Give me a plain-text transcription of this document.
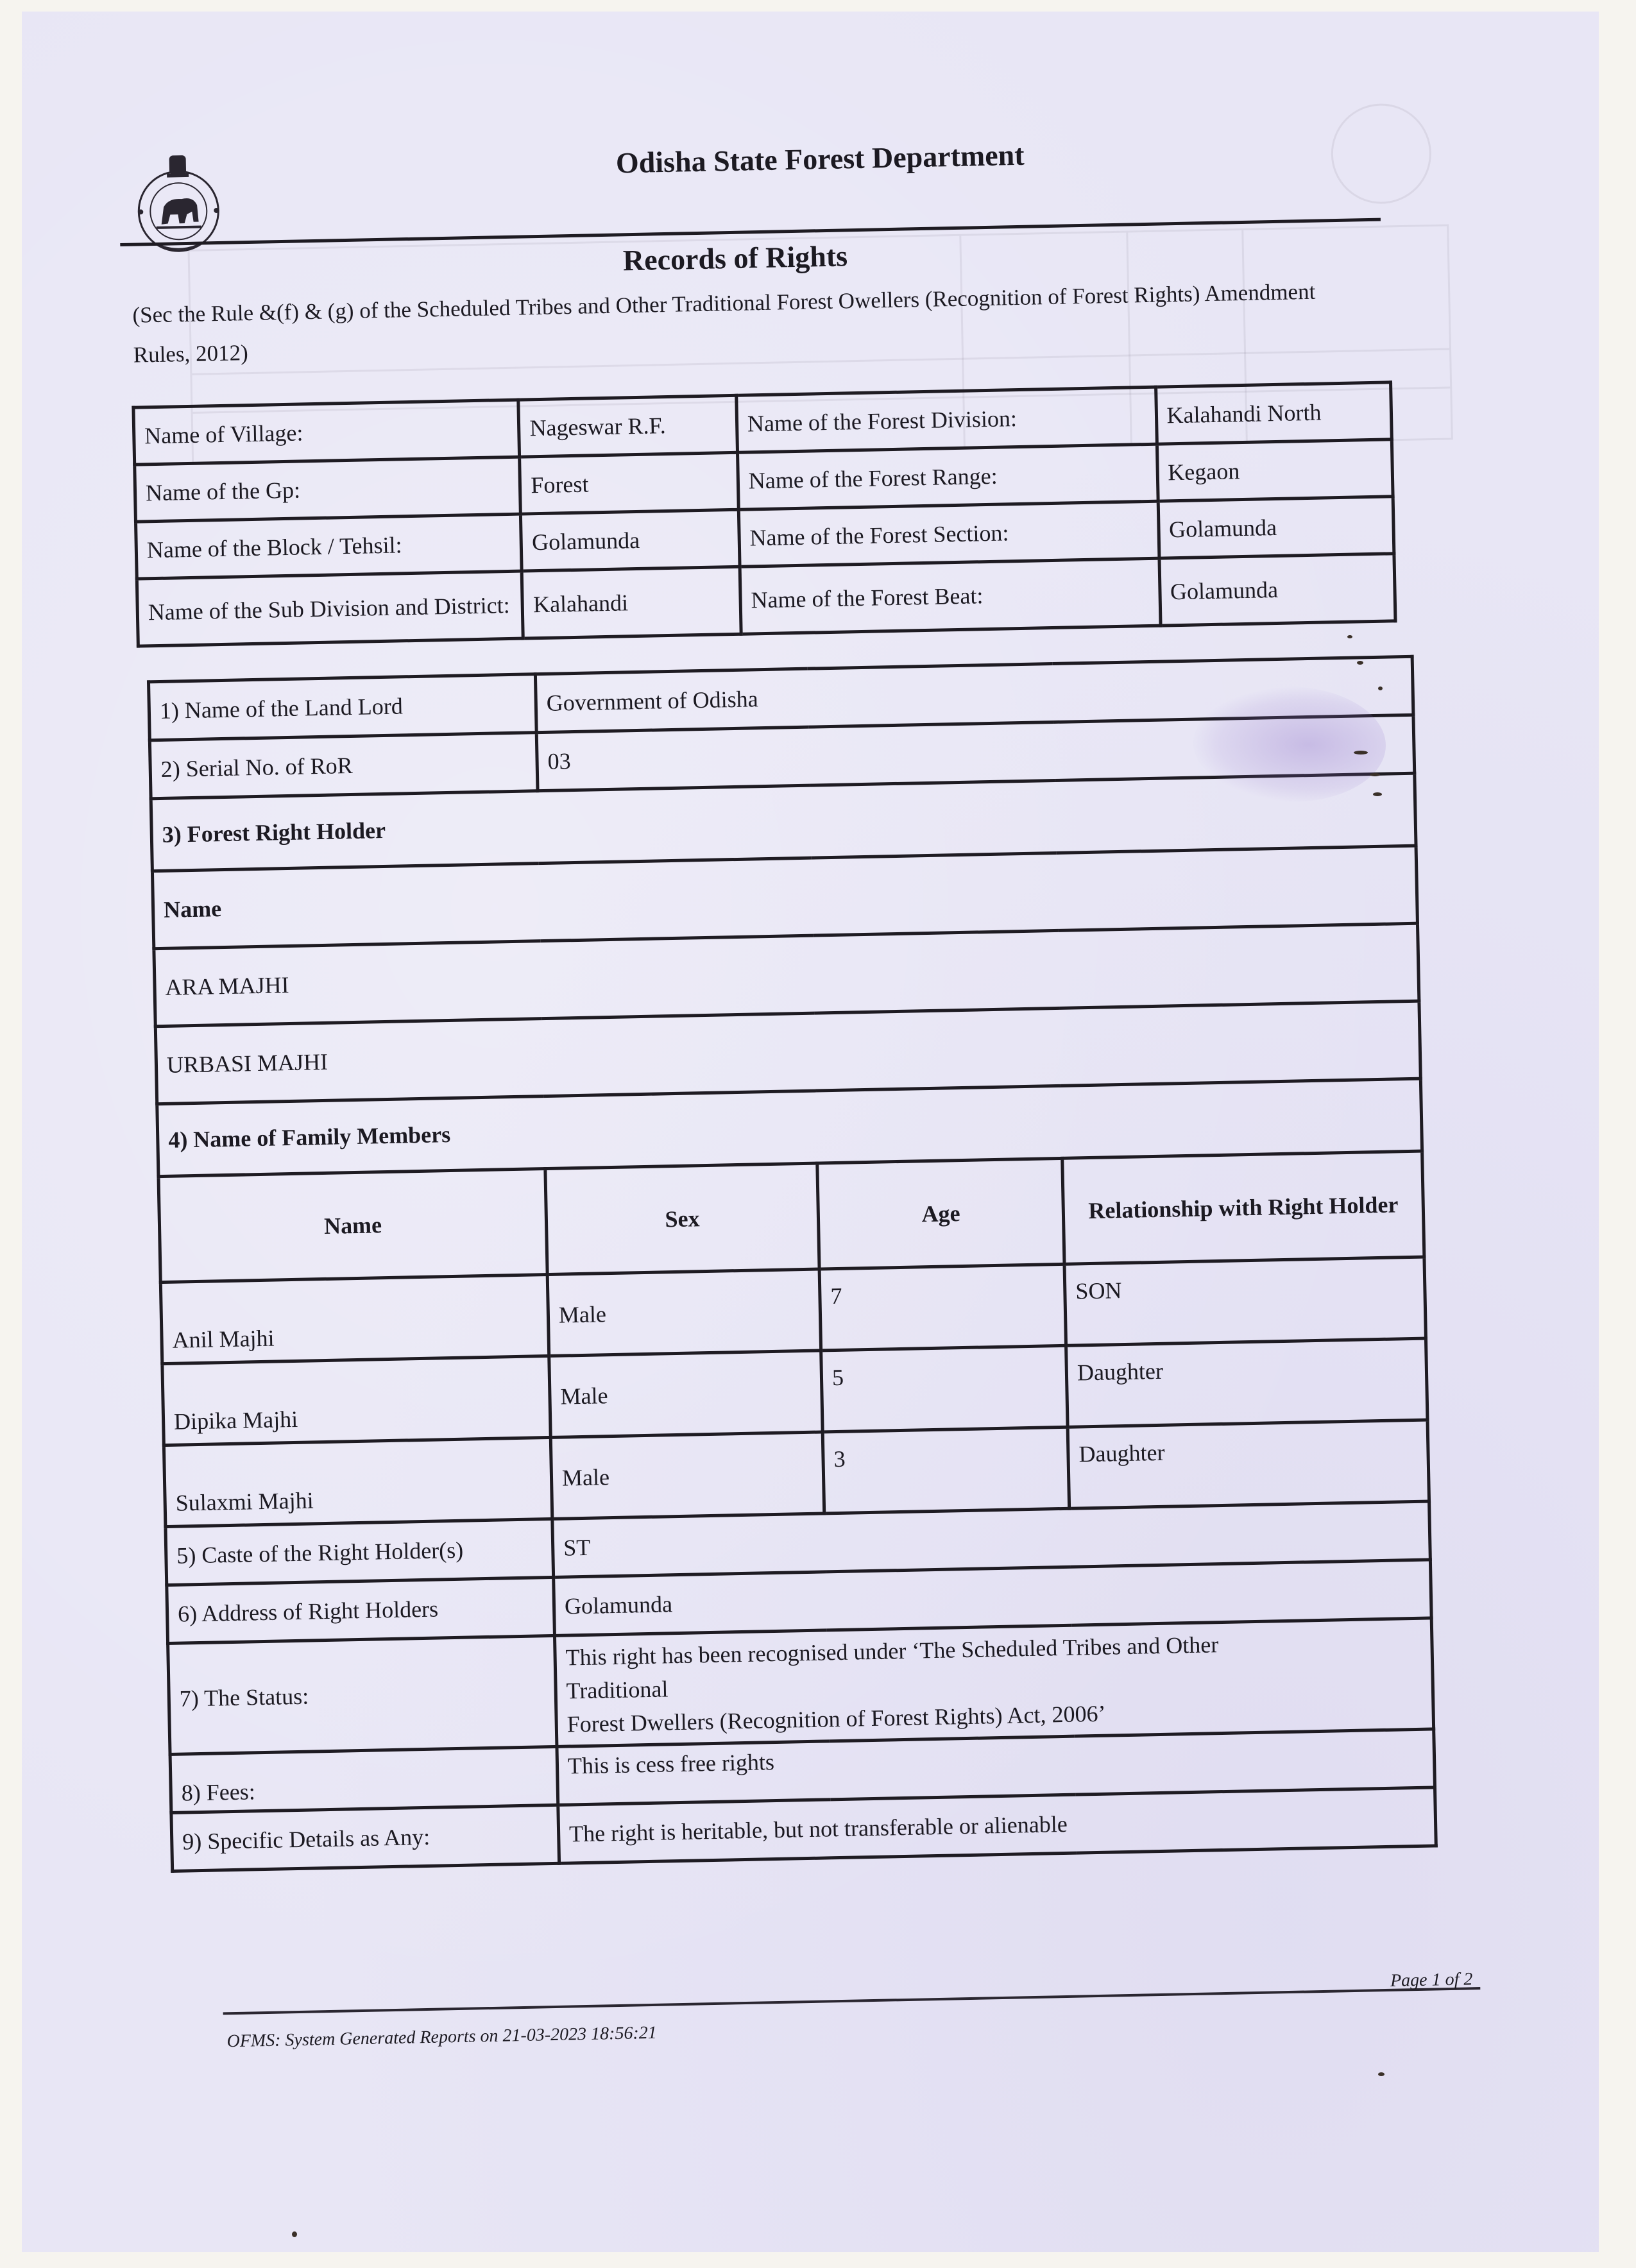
Odisha State Forest Department
Records of Rights
(Sec the Rule &(f) & (g) of the Scheduled Tribes and Other Traditional Forest Owellers (Recognition of Forest Rights) Amendment Rules, 2012)
Name of Village:	Nageswar R.F.	Name of the Forest Division:	Kalahandi North
Name of the Gp:	Forest	Name of the Forest Range:	Kegaon
Name of the Block / Tehsil:	Golamunda	Name of the Forest Section:	Golamunda
Name of the Sub Division and District:	Kalahandi	Name of the Forest Beat:	Golamunda
1) Name of the Land Lord	Government of Odisha		
2) Serial No. of RoR	03		
3) Forest Right Holder			
Name			
ARA MAJHI			
URBASI MAJHI			
4) Name of Family Members			
Name	Sex	Age	Relationship with Right Holder
Anil Majhi	Male	7	SON
Dipika Majhi	Male	5	Daughter
Sulaxmi Majhi	Male	3	Daughter
5) Caste of the Right Holder(s)	ST		
6) Address of Right Holders	Golamunda		
7) The Status:	This right has been recognised under ‘The Scheduled Tribes and Other
Traditional
Forest Dwellers (Recognition of Forest Rights) Act, 2006’		

8) Fees:	This is cess free rights		
9) Specific Details as Any:	The right is heritable, but not transferable or alienable		
Page 1 of 2
OFMS: System Generated Reports on 21-03-2023 18:56:21
